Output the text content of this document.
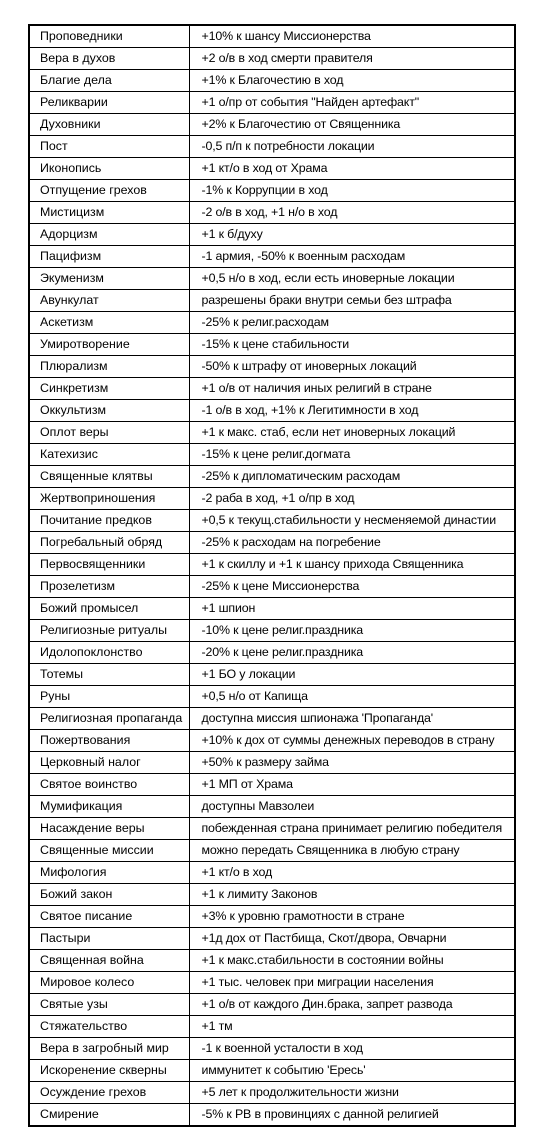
Проповедники	+10% к шансу Миссионерства
Вера в духов	+2 о/в в ход смерти правителя
Благие дела	+1% к Благочестию в ход
Реликварии	+1 о/пр от события "Найден артефакт"
Духовники	+2% к Благочестию от Священника
Пост	-0,5 п/п к потребности локации
Иконопись	+1 кт/о в ход от Храма
Отпущение грехов	-1% к Коррупции в ход
Мистицизм	-2 о/в в ход, +1 н/о в ход
Адорцизм	+1 к б/духу
Пацифизм	-1 армия, -50% к военным расходам
Экуменизм	+0,5 н/о в ход, если есть иноверные локации
Авункулат	разрешены браки внутри семьи без штрафа
Аскетизм	-25% к религ.расходам
Умиротворение	-15% к цене стабильности
Плюрализм	-50% к штрафу от иноверных локаций
Синкретизм	+1 о/в от наличия иных религий в стране
Оккультизм	-1 о/в в ход, +1% к Легитимности в ход
Оплот веры	+1 к макс. стаб, если нет иноверных локаций
Катехизис	-15% к цене религ.догмата
Священные клятвы	-25% к дипломатическим расходам
Жертвоприношения	-2 раба в ход, +1 о/пр в ход
Почитание предков	+0,5 к текущ.стабильности у несменяемой династии
Погребальный обряд	-25% к расходам на погребение
Первосвященники	+1 к скиллу и +1 к шансу прихода Священника
Прозелетизм	-25% к цене Миссионерства
Божий промысел	+1 шпион
Религиозные ритуалы	-10% к цене религ.праздника
Идолопоклонство	-20% к цене религ.праздника
Тотемы	+1 БО у локации
Руны	+0,5 н/о от Капища
Религиозная пропаганда	доступна миссия шпионажа 'Пропаганда'
Пожертвования	+10% к дох от суммы денежных переводов в страну
Церковный налог	+50% к размеру займа
Святое воинство	+1 МП от Храма
Мумификация	доступны Мавзолеи
Насаждение веры	побежденная страна принимает религию победителя
Священные миссии	можно передать Священника в любую страну
Мифология	+1 кт/о в ход
Божий закон	+1 к лимиту Законов
Святое писание	+3% к уровню грамотности в стране
Пастыри	+1д дох от Пастбища, Скот/двора, Овчарни
Священная война	+1 к макс.стабильности в состоянии войны
Мировое колесо	+1 тыс. человек при миграции населения
Святые узы	+1 о/в от каждого Дин.брака, запрет развода
Стяжательство	+1 тм
Вера в загробный мир	-1 к военной усталости в ход
Искоренение скверны	иммунитет к событию 'Ересь'
Осуждение грехов	+5 лет к продолжительности жизни
Смирение	-5% к РВ в провинциях с данной религией
